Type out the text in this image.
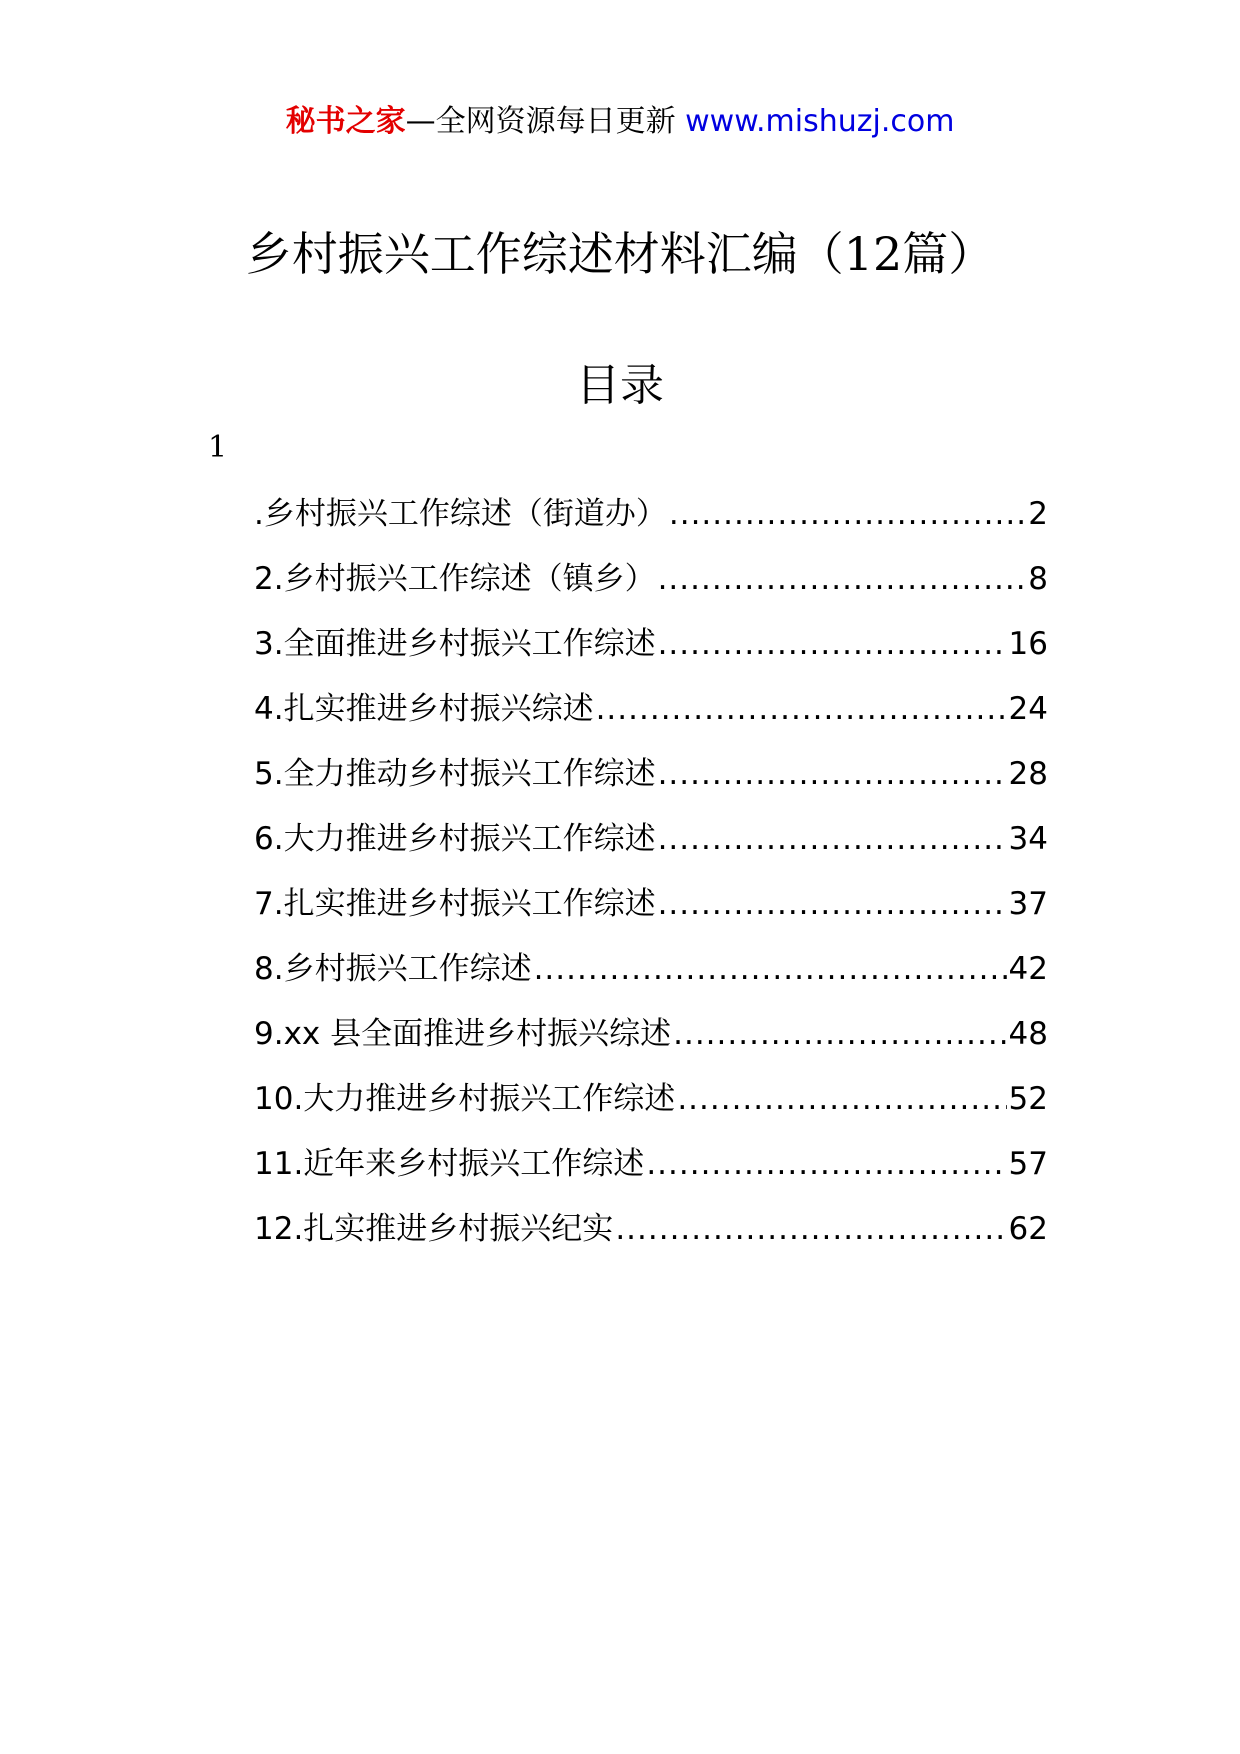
秘书之家—全网资源每日更新 www.mishuzj.com
乡村振兴工作综述材料汇编（12篇）
目录
1
.乡村振兴工作综述（街道办） .....	2
2.乡村振兴工作综述（镇乡） .....	8
3.全面推进乡村振兴工作综述 .....	16
4.扎实推进乡村振兴综述 .....	24
5.全力推动乡村振兴工作综述 .....	28
6.大力推进乡村振兴工作综述 .....	34
7.扎实推进乡村振兴工作综述 .....	37
8.乡村振兴工作综述 .....	42
9.xx 县全面推进乡村振兴综述 .....	48
10.大力推进乡村振兴工作综述 .....	52
11.近年来乡村振兴工作综述 .....	57
12.扎实推进乡村振兴纪实 .....	62
